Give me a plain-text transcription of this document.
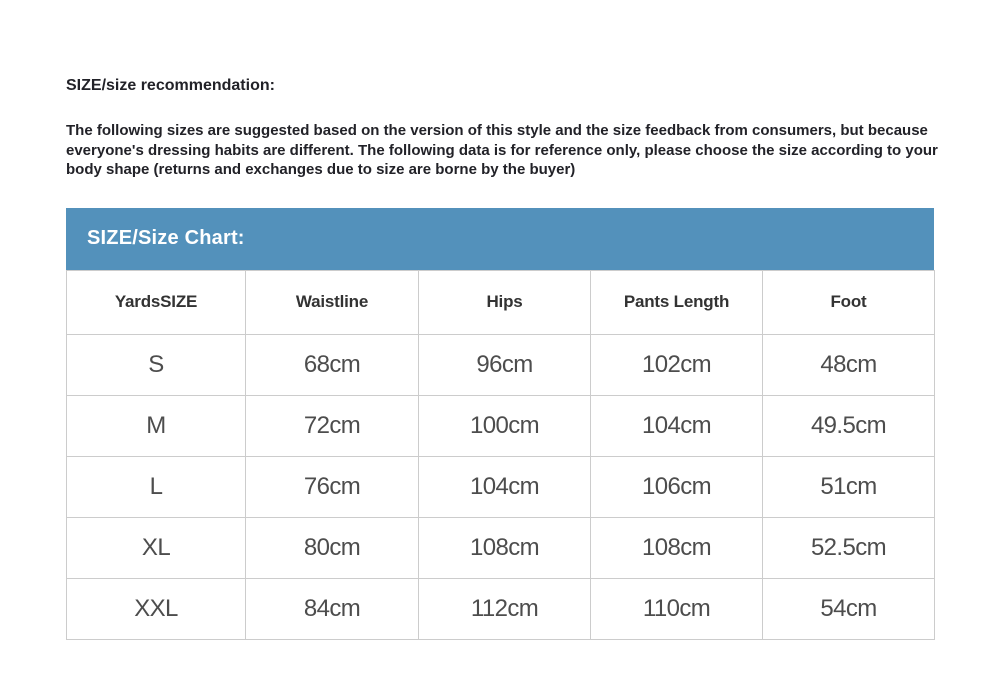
SIZE/size recommendation:
The following sizes are suggested based on the version of this style and the size feedback from consumers, but because everyone's dressing habits are different. The following data is for reference only, please choose the size according to your body shape (returns and exchanges due to size are borne by the buyer)
SIZE/Size Chart:
YardsSIZE	Waistline	Hips	Pants Length	Foot
S	68cm	96cm	102cm	48cm
M	72cm	100cm	104cm	49.5cm
L	76cm	104cm	106cm	51cm
XL	80cm	108cm	108cm	52.5cm
XXL	84cm	112cm	110cm	54cm
